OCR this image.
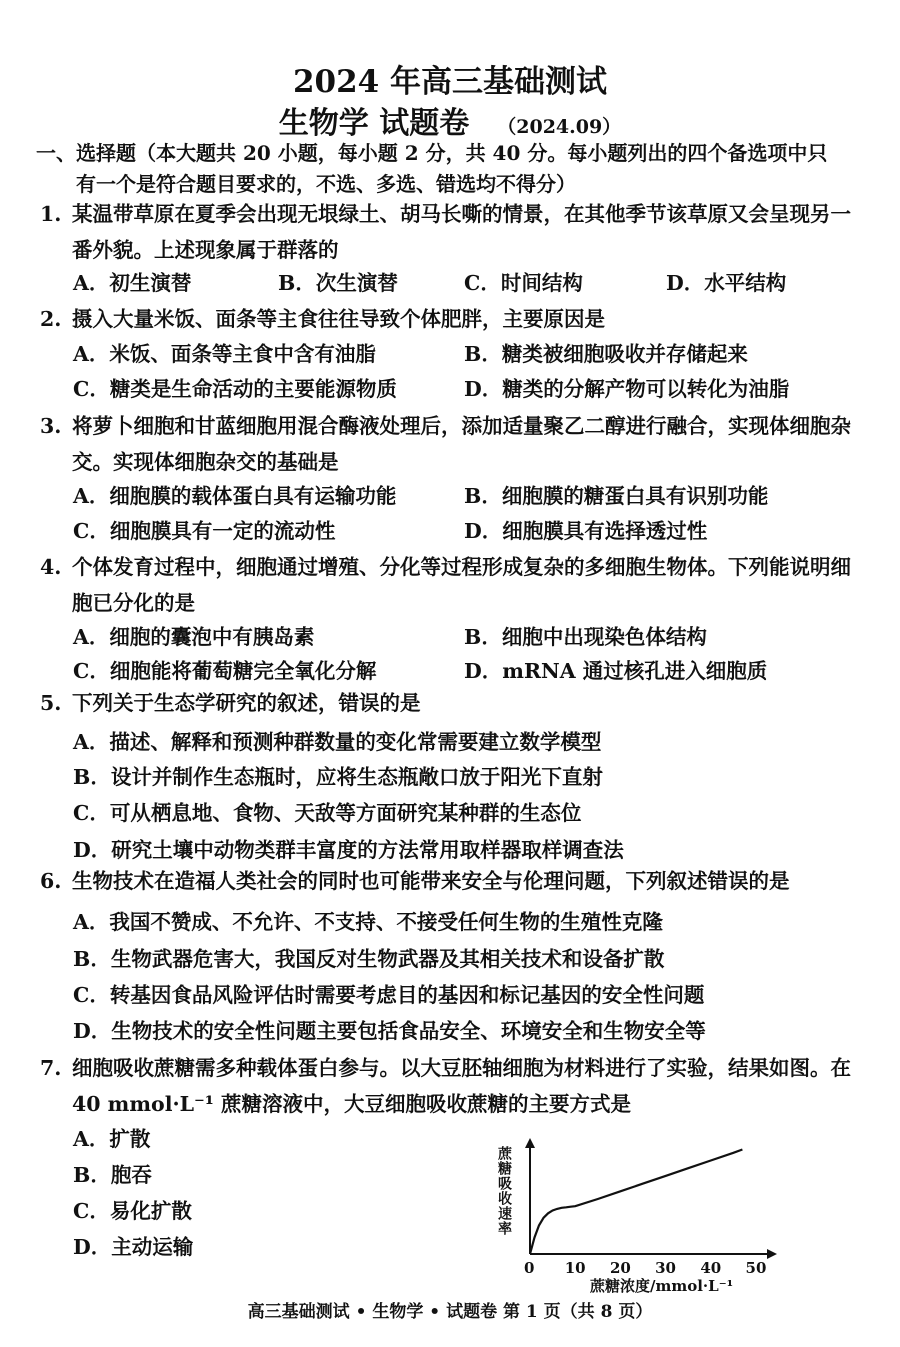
2024 年高三基础测试
生物学 试题卷 （2024.09）
一、选择题（本大题共 20 小题，每小题 2 分，共 40 分。每小题列出的四个备选项中只
有一个是符合题目要求的，不选、多选、错选均不得分）
1. 某温带草原在夏季会出现无垠绿土、胡马长嘶的情景，在其他季节该草原又会呈现另一番外貌。上述现象属于群落的
A．初生演替	B．次生演替	C．时间结构	D．水平结构
2. 摄入大量米饭、面条等主食往往导致个体肥胖，主要原因是
A．米饭、面条等主食中含有油脂	B．糖类被细胞吸收并存储起来
C．糖类是生命活动的主要能源物质	D．糖类的分解产物可以转化为油脂
3. 将萝卜细胞和甘蓝细胞用混合酶液处理后，添加适量聚乙二醇进行融合，实现体细胞杂交。实现体细胞杂交的基础是
A．细胞膜的载体蛋白具有运输功能	B．细胞膜的糖蛋白具有识别功能
C．细胞膜具有一定的流动性	D．细胞膜具有选择透过性
4. 个体发育过程中，细胞通过增殖、分化等过程形成复杂的多细胞生物体。下列能说明细胞已分化的是
A．细胞的囊泡中有胰岛素	B．细胞中出现染色体结构
C．细胞能将葡萄糖完全氧化分解	D．mRNA 通过核孔进入细胞质
5. 下列关于生态学研究的叙述，错误的是
A．描述、解释和预测种群数量的变化常需要建立数学模型
B．设计并制作生态瓶时，应将生态瓶敞口放于阳光下直射
C．可从栖息地、食物、天敌等方面研究某种群的生态位
D．研究土壤中动物类群丰富度的方法常用取样器取样调查法
6. 生物技术在造福人类社会的同时也可能带来安全与伦理问题，下列叙述错误的是
A．我国不赞成、不允许、不支持、不接受任何生物的生殖性克隆
B．生物武器危害大，我国反对生物武器及其相关技术和设备扩散
C．转基因食品风险评估时需要考虑目的基因和标记基因的安全性问题
D．生物技术的安全性问题主要包括食品安全、环境安全和生物安全等
7. 细胞吸收蔗糖需多种载体蛋白参与。以大豆胚轴细胞为材料进行了实验，结果如图。在 40 mmol·L⁻¹ 蔗糖溶液中，大豆细胞吸收蔗糖的主要方式是
A．扩散
B．胞吞
C．易化扩散
D．主动运输
蔗糖吸收速率
0 10 20 30 40 50
蔗糖浓度/mmol·L⁻¹
高三基础测试 • 生物学 • 试题卷 第 1 页（共 8 页）
